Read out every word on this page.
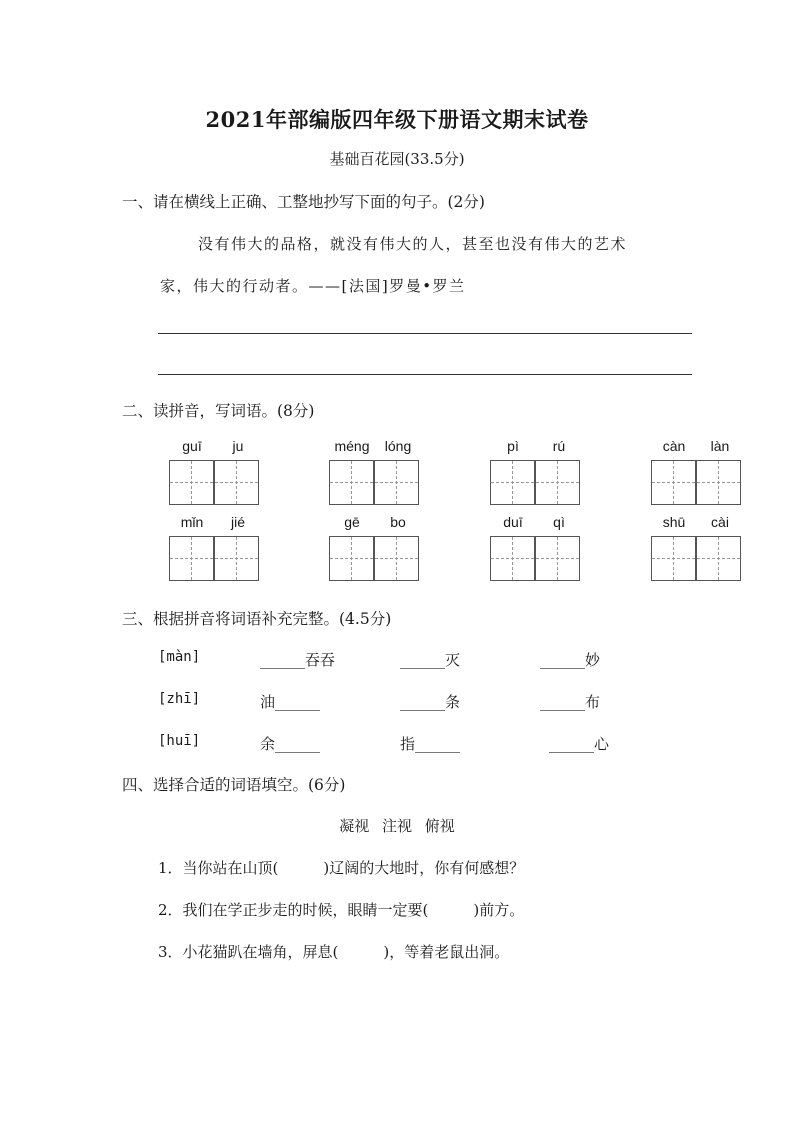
2021年部编版四年级下册语文期末试卷
基础百花园(33.5分)
一、请在横线上正确、工整地抄写下面的句子。(2分)
没有伟大的品格，就没有伟大的人，甚至也没有伟大的艺术
家，伟大的行动者。——[法国]罗曼•罗兰
二、读拼音，写词语。(8分)
guī	ju	méng	lóng	pì	rú	càn	làn
mǐn	jié	gē	bo	duī	qì	shū	cài
三、根据拼音将词语补充完整。(4.5分)
[màn]	______吞吞	______灭	______妙
[zhī]	油______	______条	______布
[huī]	余______	指______	______心
四、选择合适的词语填空。(6分)
凝视 注视 俯视
1．当你站在山顶(　　　)辽阔的大地时，你有何感想？
2．我们在学正步走的时候，眼睛一定要(　　　)前方。
3．小花猫趴在墙角，屏息(　　　)，等着老鼠出洞。
